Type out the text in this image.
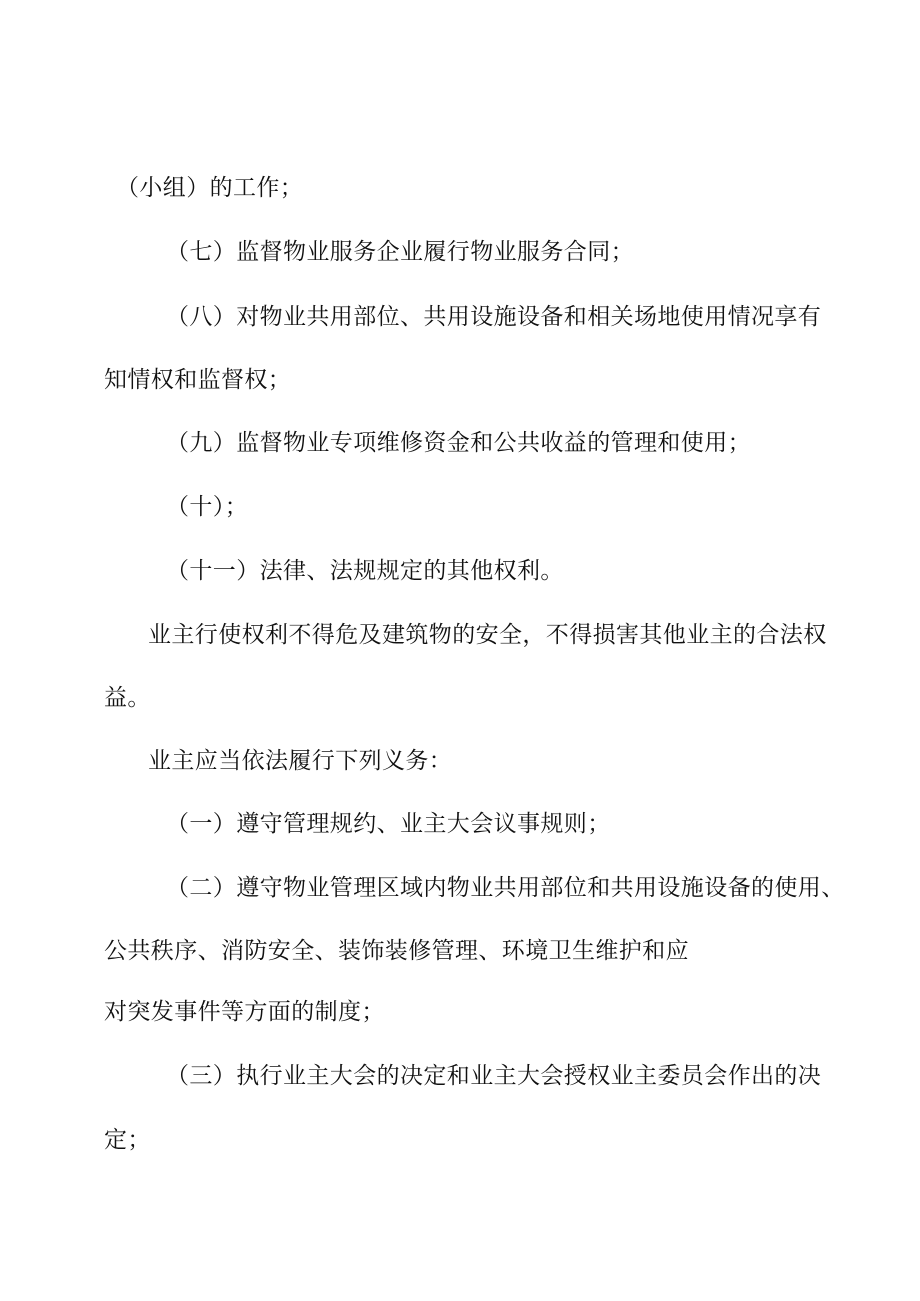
（小组）的工作；
（七）监督物业服务企业履行物业服务合同；
（八）对物业共用部位、共用设施设备和相关场地使用情况享有
知情权和监督权；
（九）监督物业专项维修资金和公共收益的管理和使用；
（十）；
（十一）法律、法规规定的其他权利。
业主行使权利不得危及建筑物的安全，不得损害其他业主的合法权
益。
业主应当依法履行下列义务：
（一）遵守管理规约、业主大会议事规则；
（二）遵守物业管理区域内物业共用部位和共用设施设备的使用、
公共秩序、消防安全、装饰装修管理、环境卫生维护和应
对突发事件等方面的制度；
（三）执行业主大会的决定和业主大会授权业主委员会作出的决
定；
